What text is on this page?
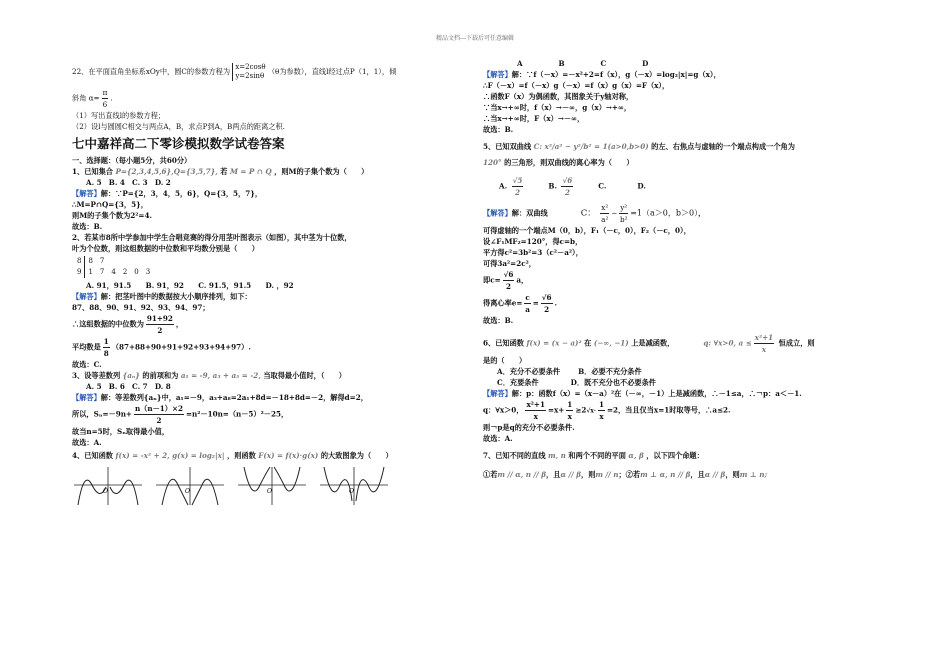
精品文档---下载后可任意编辑
22、在平面直角坐标系xOy中，圆C的参数方程为 x=2cosθ
y=2sinθ （θ为参数），直线l经过点P（1，1），倾
斜角 $\alpha= \frac{\pi}{6}$ .
（1）写出直线l的参数方程；
（2）设l与圆圆C相交与两点A，B，求点P到A，B两点的距离之积.
七中嘉祥高二下零诊模拟数学试卷答案
一、选择题：（每小题5分，共60分）
1、已知集合 P={2,3,4,5,6},Q={3,5,7}, 若 M = P ∩ Q ，则M的子集个数为（　　）
A. 5　B. 4　C. 3　D. 2
【解答】解：∵P={2，3，4，5，6}，Q={3，5，7}，
∴M=P∩Q={3，5}，
则M的子集个数为2²=4.
故选：B.
2、若某市8所中学参加中学生合唱竞赛的得分用茎叶图表示（如图），其中茎为十位数，
叶为个位数，则这组数据的中位数和平均数分别是（　　）
8	8　7
9	1　7　4　2　0　3
A. 91，91.5　　B. 91，92　　C. 91.5，91.5　　D. ，92
【解答】解：把茎叶图中的数据按大小顺序排列，如下：
87、88、90、91、92、93、94、97；
∴这组数据的中位数为 $\frac{91+92}{2}$ ，
平均数是 $\frac{1}{8} (87+88+90+91+92+93+94+97)$.
故选：C.
3、设等差数列 {aₙ} 的前项和为 a₁ = -9, a₃ + a₅ = -2, 当取得最小值时，（　　）
A. 5　B. 6　C. 7　D. 8
【解答】解：等差数列{aₙ}中，a₁=－9，a₃+a₈=2a₁+8d=－18+8d=－2，解得d=2，
所以，$S_n=-9n+ \frac{n(n-1)\times 2}{2} =n^2-10n=(n-5)^2-25$，
故当n=5时，Sₙ取得最小值，
故选：A.
4、已知函数 f(x) = -x² + 2, g(x) = log₂|x| ，则函数 F(x) = f(x)·g(x) 的大致图象为（　　）
O	O	O	O
A　　　　　B　　　　　C　　　　　D
【解答】解：∵f（－x）=－x²+2=f（x），g（－x）=log₂|x|=g（x），
∴F（－x）=f（－x）g（－x）=f（x）g（x）=F（x），
∴函数F（x）为偶函数，其图象关于y轴对称，
∵当x→+∞时，f（x）→－∞，g（x）→+∞，
∴当x→+∞时，F（x）→－∞，
故选：B.
5、已知双曲线 C: x²/a² − y²/b² = 1(a>0,b>0) 的左、右焦点与虚轴的一个端点构成一个角为
120° 的三角形，则双曲线的离心率为（　　）
A. $\frac{√5}{2}$	B. $\frac{√6}{2}$	C.	D.
【解答】解：双曲线	C： $\frac{\text{x²}}{\text{a²}} - \frac{\text{y²}}{\text{b²}} =1(a>0$，b＞0），
可得虚轴的一个端点M（0，b），F₁（－c，0），F₂（－c，0），
设∠F₁MF₂=120°，得c=b，
平方得c²=3b²=3（c²－a²），
可得3a²=2c²，
即$c= \frac{√6}{2}$ a，
得离心率$e= \frac{c}{a} = \frac{√6}{2}$ .
故选：B.
6、已知函数 f(x) = (x − a)² 在 (−∞, −1) 上是减函数，	q: ∀x>0, $a \le \frac{\text{x²+1}}{x}$ 恒成立，则
是的（　　）
A．充分不必要条件	B．必要不充分条件
C．充要条件	D．既不充分也不必要条件
【解答】解：p：函数f（x）=（x－a）²在（－∞，－1）上是减函数，∴－1≤a，∴￢p：a＜－1.
q：∀x＞0， $\frac{\text{x²+1}}{x} =x+ \frac{1}{x} \ge 2√x\cdot \frac{1}{x} =2$，当且仅当x=1时取等号，∴a≤2.
则￢p是q的充分不必要条件.
故选：A.
7、已知不同的直线 m, n 和两个不同的平面 α, β ，以下四个命题：
①若m // α, n // β，且α // β，则m // n；②若m ⊥ α, n // β，且α // β，则m ⊥ n;
